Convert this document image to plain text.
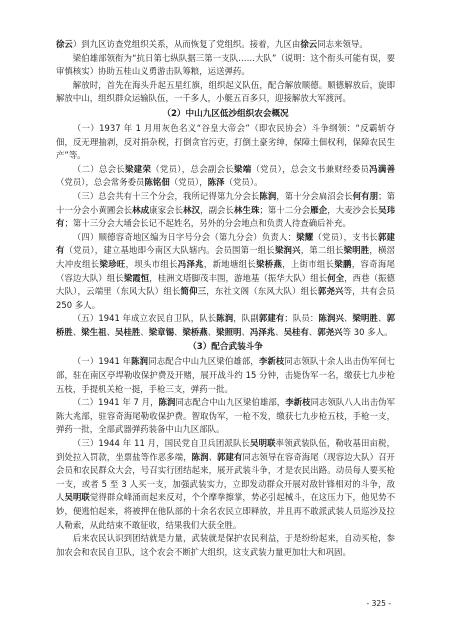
徐云）到九区访查党组织关系，从而恢复了党组织。接着，九区由徐云同志来领导。

梁伯雄部领衔为“抗日第七纵队据三第一支队……大队”（说明：这个衔头可能有误，要审慎核实）协助五桂山义勇游击队筹粮，运送弹药。

解放时，首先在海头升起五星红旗，组织起义队伍，配合解放顺德。顺德解放后，旋即解放中山，组织群众运输队伍，一千多人，小艇五百多只，迎接解放大军渡河。

（2）中山九区低沙组织农会概况

（一）1937 年 1 月用灰色名义“谷皇大帝会”（即农民协会）斗争纲领：“反霸斩夺佃，反无理抽剥，反对捐杂税，打倒贪官污吏，打倒土豪劣绅，保障土佃权利，保障农民生产”等。

（二）总会长梁建荣（党员），总会副会长梁端（党员），总会文书兼财经委员冯满善（党员），总会常务委员陈铭佃（党员），陈泽（党员）。

（三）总会共有十三个分会，我所记得第九分会长陈润，第十分会扁沼会长何有朋；第十一分会小黄圃会长林成康家会长林汉，副会长林生珠；第十二分会雁企，大麦沙会长吴玮有；第十三分会大埇会长记不起姓名，另外的分会地点和负责人待查确后补充。

（四）顺德容奇地区编为日字号分会（第九分会）负责人：梁耀（党员），支书长郭建有（党员），建立基地即今南区大队辖内。会员围第一组长梁润兴，第二组长梁明胜，横滘大冲皮组长梁珍旺，坝头市组长冯泽兆，新地塘组长梁桥燕，上街市组长梁鹏，容奇海尾（容边大队）组长梁霞恒，桂洲文塔脚茂丰围，游地基（振华大队）组长何全，西巷（振德大队），云端里（东风大队）组长简仰三，东社文阁（东风大队）组长郭尧兴等，共有会员 250 多人。

（五）1941 年成立农民自卫队，队长陈润，队副郭建有；队员：陈润兴、梁明胜、郭桥胜、梁生祖、吴桂胜、梁章锡、梁桥燕、梁照明、冯泽兆、吴桂有、郭尧兴等 30 多人。

（3）配合武装斗争

（一）1941 年陈润同志配合中山九区梁伯雄部，李新枝同志领队十余人出击伪军何七部，驻在南区亭垾勒收保护费及开赌，展开战斗约 15 分钟，击毙伪军一名，缴获七九步枪五枝，手提机关枪一挺，手枪三支，弹药一批。

（二）1941 年 7 月，陈润同志配合中山九区梁伯雄部，李新枝同志领队八人出击伪军陈大兆部，驻容奇海尾勒收保护费。智取伪军，一枪不发，缴获七九步枪五枝，手枪一支，弹药一批，全部武器弹药装备中山九区部队。

（三）1944 年 11 月，国民党自卫兵团派队长吴明联率领武装队伍，勒收基田亩税，到处拉入罚款，坐票盐等作恶多端，陈润、郭建有同志领导在容奇海尾（现容边大队）召开会员和农民群众大会，号召实行团结起来，展开武装斗争，才是农民出路。动员每人要买枪一支，或者 5 至 3 人买一支，加强武装实力，立即发动群众开展对敌针锋相对的斗争，敌人吴明联觉得群众峰涌而起来反对，个个摩拳擦掌，势必引起械斗，在这压力下，他见势不妙，便逃怕起来，将被押在他队部的十余名农民立即释放，并且再不敢派武装人员巡沙及拉人勒索，从此结束不敢征收，结果我们大获全胜。

后来农民认识到团结就是力量，武装就是保护农民利益，于是纷纷起来，自动买枪，参加农会和农民自卫队，这个农会不断扩大组织，这支武装力量更加壮大和巩固。

- 325 -
